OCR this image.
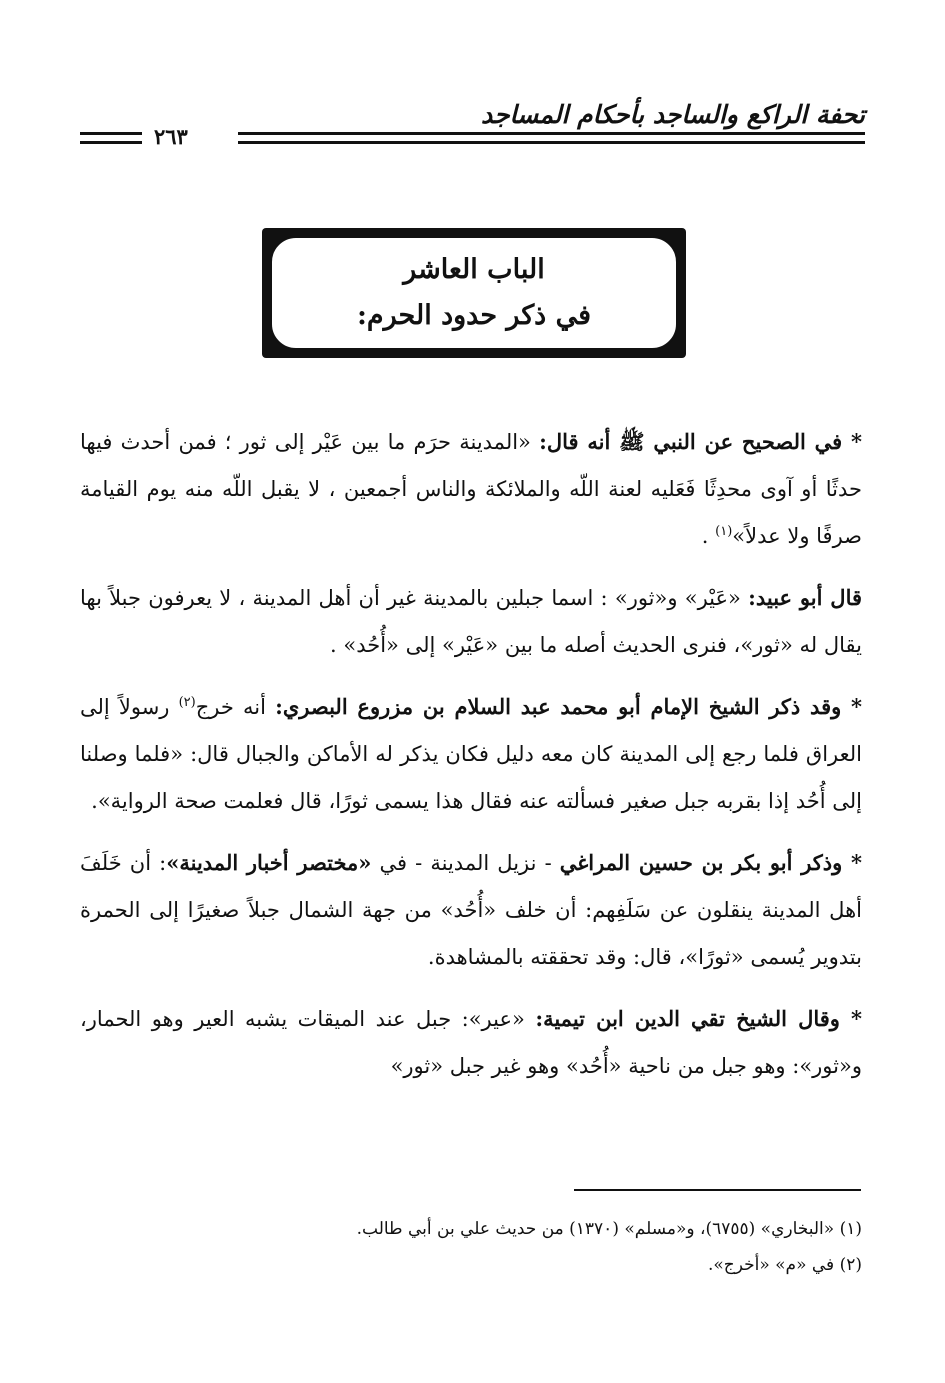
تحفة الراكع والساجد بأحكام المساجد
٢٦٣
الباب العاشر
في ذكر حدود الحرم:

* في الصحيح عن النبي ﷺ أنه قال: «المدينة حرَم ما بين عَيْر إلى ثور ؛ فمن أحدث فيها حدثًا أو آوى محدِثًا فَعَليه لعنة اللّه والملائكة والناس أجمعين ، لا يقبل اللّه منه يوم القيامة صرفًا ولا عدلاً»$^{(١)}$ .

قال أبو عبيد: «عَيْر» و«ثور» : اسما جبلين بالمدينة غير أن أهل المدينة ، لا يعرفون جبلاً بها يقال له «ثور»، فنرى الحديث أصله ما بين «عَيْر» إلى «أُحُد» .

* وقد ذكر الشيخ الإمام أبو محمد عبد السلام بن مزروع البصري: أنه خرج$^{(٢)}$ رسولاً إلى العراق فلما رجع إلى المدينة كان معه دليل فكان يذكر له الأماكن والجبال قال: «فلما وصلنا إلى أُحُد إذا بقربه جبل صغير فسألته عنه فقال هذا يسمى ثورًا، قال فعلمت صحة الرواية».

* وذكر أبو بكر بن حسين المراغي - نزيل المدينة - في «مختصر أخبار المدينة»: أن خَلَفَ أهل المدينة ينقلون عن سَلَفِهم: أن خلف «أُحُد» من جهة الشمال جبلاً صغيرًا إلى الحمرة بتدوير يُسمى «ثورًا»، قال: وقد تحققته بالمشاهدة.

* وقال الشيخ تقي الدين ابن تيمية: «عير»: جبل عند الميقات يشبه العير وهو الحمار، و«ثور»: وهو جبل من ناحية «أُحُد» وهو غير جبل «ثور»

(١) «البخاري» (٦٧٥٥)، و«مسلم» (١٣٧٠) من حديث علي بن أبي طالب.

(٢) في «م» «أخرج».
